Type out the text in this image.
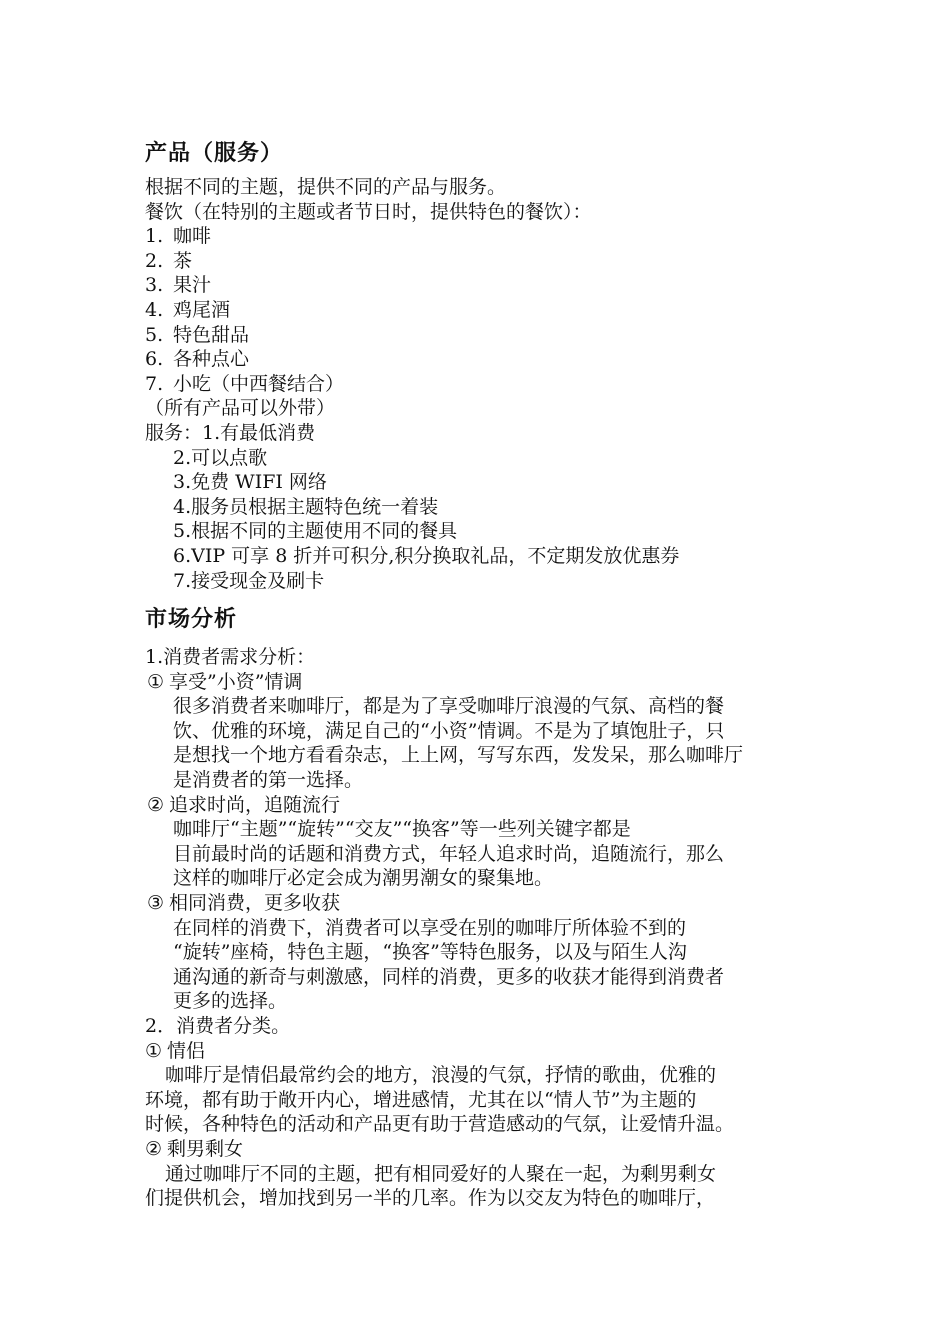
产品（服务）
根据不同的主题，提供不同的产品与服务。
餐饮（在特别的主题或者节日时，提供特色的餐饮）：
1. 咖啡
2. 茶
3. 果汁
4. 鸡尾酒
5. 特色甜品
6. 各种点心
7. 小吃（中西餐结合）
（所有产品可以外带）
服务：1.有最低消费
2.可以点歌
3.免费 WIFI 网络
4.服务员根据主题特色统一着装
5.根据不同的主题使用不同的餐具
6.VIP 可享 8 折并可积分,积分换取礼品，不定期发放优惠券
7.接受现金及刷卡
市场分析
1.消费者需求分析：
① 享受”小资”情调
很多消费者来咖啡厅，都是为了享受咖啡厅浪漫的气氛、高档的餐
饮、优雅的环境，满足自己的“小资”情调。不是为了填饱肚子，只
是想找一个地方看看杂志，上上网，写写东西，发发呆，那么咖啡厅
是消费者的第一选择。
② 追求时尚，追随流行
咖啡厅“主题”“旋转”“交友”“换客”等一些列关键字都是
目前最时尚的话题和消费方式，年轻人追求时尚，追随流行，那么
这样的咖啡厅必定会成为潮男潮女的聚集地。
③ 相同消费，更多收获
在同样的消费下，消费者可以享受在别的咖啡厅所体验不到的
“旋转”座椅，特色主题，“换客”等特色服务，以及与陌生人沟
通沟通的新奇与刺激感，同样的消费，更多的收获才能得到消费者
更多的选择。
2．消费者分类。
① 情侣
咖啡厅是情侣最常约会的地方，浪漫的气氛，抒情的歌曲，优雅的
环境，都有助于敞开内心，增进感情，尤其在以“情人节”为主题的
时候，各种特色的活动和产品更有助于营造感动的气氛，让爱情升温。
② 剩男剩女
通过咖啡厅不同的主题，把有相同爱好的人聚在一起，为剩男剩女
们提供机会，增加找到另一半的几率。作为以交友为特色的咖啡厅，
